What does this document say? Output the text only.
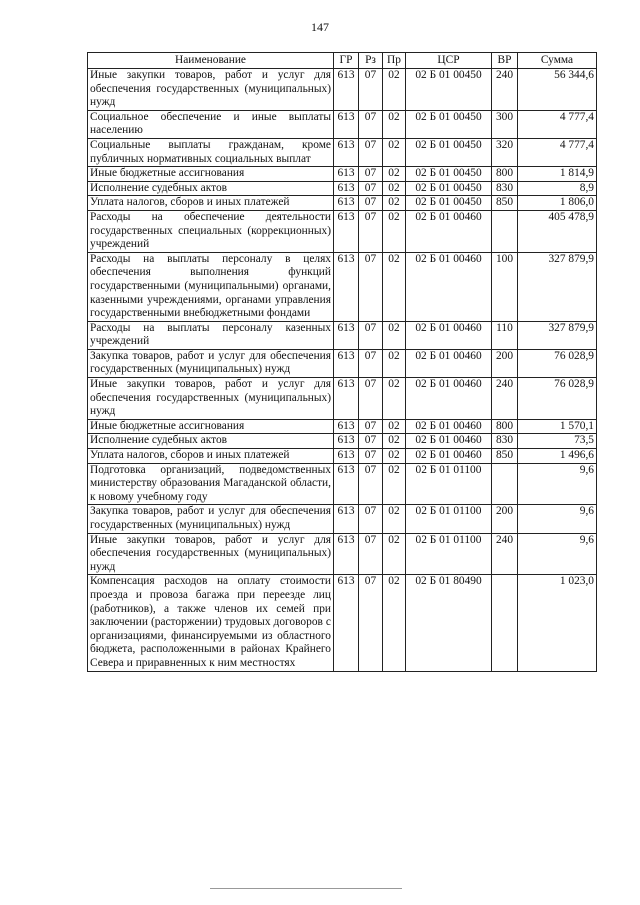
147
Наименование	ГР	Рз	Пр	ЦСР	ВР	Сумма
Иные закупки товаров, работ и услуг для обеспечения государственных (муниципальных) нужд	613	07	02	02 Б 01 00450	240	56 344,6
Социальное обеспечение и иные выплаты населению	613	07	02	02 Б 01 00450	300	4 777,4
Социальные выплаты гражданам, кроме публичных нормативных социальных выплат	613	07	02	02 Б 01 00450	320	4 777,4
Иные бюджетные ассигнования	613	07	02	02 Б 01 00450	800	1 814,9
Исполнение судебных актов	613	07	02	02 Б 01 00450	830	8,9
Уплата налогов, сборов и иных платежей	613	07	02	02 Б 01 00450	850	1 806,0
Расходы на обеспечение деятельности государственных специальных (коррекционных) учреждений	613	07	02	02 Б 01 00460		405 478,9
Расходы на выплаты персоналу в целях обеспечения выполнения функций государственными (муниципальными) органами, казенными учреждениями, органами управления государственными внебюджетными фондами	613	07	02	02 Б 01 00460	100	327 879,9
Расходы на выплаты персоналу казенных учреждений	613	07	02	02 Б 01 00460	110	327 879,9
Закупка товаров, работ и услуг для обеспечения государственных (муниципальных) нужд	613	07	02	02 Б 01 00460	200	76 028,9
Иные закупки товаров, работ и услуг для обеспечения государственных (муниципальных) нужд	613	07	02	02 Б 01 00460	240	76 028,9
Иные бюджетные ассигнования	613	07	02	02 Б 01 00460	800	1 570,1
Исполнение судебных актов	613	07	02	02 Б 01 00460	830	73,5
Уплата налогов, сборов и иных платежей	613	07	02	02 Б 01 00460	850	1 496,6
Подготовка организаций, подведомственных министерству образования Магаданской области, к новому учебному году	613	07	02	02 Б 01 01100		9,6
Закупка товаров, работ и услуг для обеспечения государственных (муниципальных) нужд	613	07	02	02 Б 01 01100	200	9,6
Иные закупки товаров, работ и услуг для обеспечения государственных (муниципальных) нужд	613	07	02	02 Б 01 01100	240	9,6
Компенсация расходов на оплату стоимости проезда и провоза багажа при переезде лиц (работников), а также членов их семей при заключении (расторжении) трудовых договоров с организациями, финансируемыми из областного бюджета, расположенными в районах Крайнего Севера и приравненных к ним местностях	613	07	02	02 Б 01 80490		1 023,0
